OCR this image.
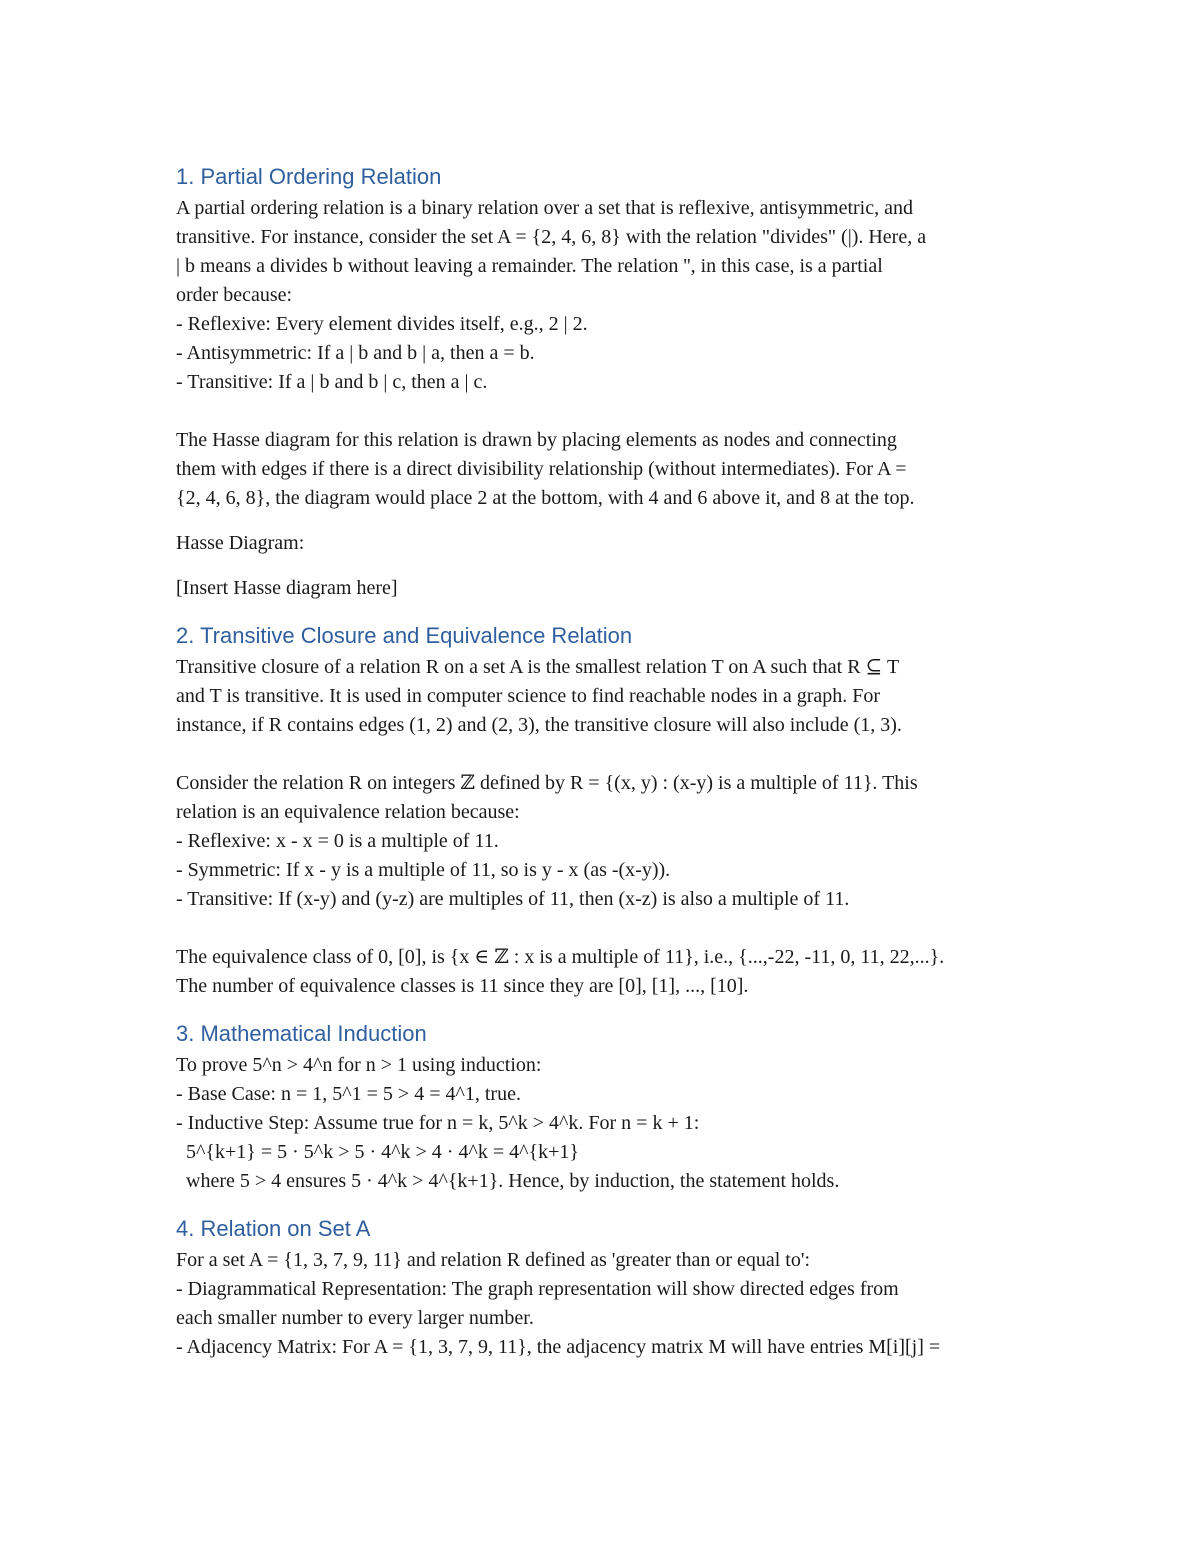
1. Partial Ordering Relation

A partial ordering relation is a binary relation over a set that is reflexive, antisymmetric, and

transitive. For instance, consider the set A = {2, 4, 6, 8} with the relation "divides" (|). Here, a

| b means a divides b without leaving a remainder. The relation '', in this case, is a partial

order because:

- Reflexive: Every element divides itself, e.g., 2 | 2.

- Antisymmetric: If a | b and b | a, then a = b.

- Transitive: If a | b and b | c, then a | c.

The Hasse diagram for this relation is drawn by placing elements as nodes and connecting

them with edges if there is a direct divisibility relationship (without intermediates). For A =

{2, 4, 6, 8}, the diagram would place 2 at the bottom, with 4 and 6 above it, and 8 at the top.

Hasse Diagram:

[Insert Hasse diagram here]

2. Transitive Closure and Equivalence Relation

Transitive closure of a relation R on a set A is the smallest relation T on A such that R ⊆ T

and T is transitive. It is used in computer science to find reachable nodes in a graph. For

instance, if R contains edges (1, 2) and (2, 3), the transitive closure will also include (1, 3).

Consider the relation R on integers ℤ defined by R = {(x, y) : (x-y) is a multiple of 11}. This

relation is an equivalence relation because:

- Reflexive: x - x = 0 is a multiple of 11.

- Symmetric: If x - y is a multiple of 11, so is y - x (as -(x-y)).

- Transitive: If (x-y) and (y-z) are multiples of 11, then (x-z) is also a multiple of 11.

The equivalence class of 0, [0], is {x ∈ ℤ : x is a multiple of 11}, i.e., {...,-22, -11, 0, 11, 22,...}.

The number of equivalence classes is 11 since they are [0], [1], ..., [10].

3. Mathematical Induction

To prove 5^n > 4^n for n > 1 using induction:

- Base Case: n = 1, 5^1 = 5 > 4 = 4^1, true.

- Inductive Step: Assume true for n = k, 5^k > 4^k. For n = k + 1:

5^{k+1} = 5 · 5^k > 5 · 4^k > 4 · 4^k = 4^{k+1}

where 5 > 4 ensures 5 · 4^k > 4^{k+1}. Hence, by induction, the statement holds.

4. Relation on Set A

For a set A = {1, 3, 7, 9, 11} and relation R defined as 'greater than or equal to':

- Diagrammatical Representation: The graph representation will show directed edges from

each smaller number to every larger number.

- Adjacency Matrix: For A = {1, 3, 7, 9, 11}, the adjacency matrix M will have entries M[i][j] =
